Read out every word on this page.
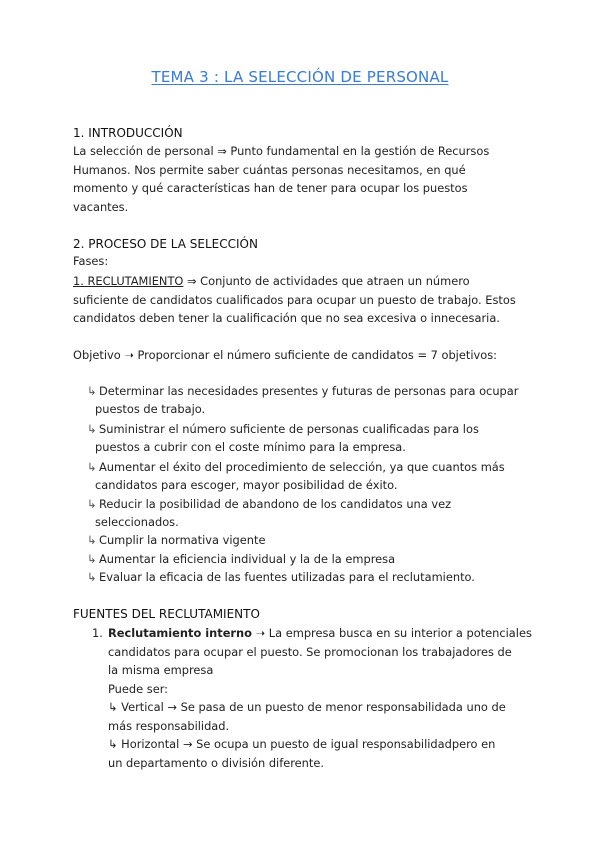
TEMA 3 : LA SELECCIÓN DE PERSONAL
1. INTRODUCCIÓN
La selección de personal ⇒ Punto fundamental en la gestión de Recursos
Humanos. Nos permite saber cuántas personas necesitamos, en qué
momento y qué características han de tener para ocupar los puestos
vacantes.
2. PROCESO DE LA SELECCIÓN
Fases:
1. RECLUTAMIENTO ⇒ Conjunto de actividades que atraen un número
suficiente de candidatos cualificados para ocupar un puesto de trabajo. Estos
candidatos deben tener la cualificación que no sea excesiva o innecesaria.
Objetivo ➝ Proporcionar el número suficiente de candidatos = 7 objetivos:
↳ Determinar las necesidades presentes y futuras de personas para ocupar
puestos de trabajo.
↳ Suministrar el número suficiente de personas cualificadas para los
puestos a cubrir con el coste mínimo para la empresa.
↳ Aumentar el éxito del procedimiento de selección, ya que cuantos más
candidatos para escoger, mayor posibilidad de éxito.
↳ Reducir la posibilidad de abandono de los candidatos una vez
seleccionados.
↳ Cumplir la normativa vigente
↳ Aumentar la eficiencia individual y la de la empresa
↳ Evaluar la eficacia de las fuentes utilizadas para el reclutamiento.
FUENTES DEL RECLUTAMIENTO
1. Reclutamiento interno ➝ La empresa busca en su interior a potenciales
candidatos para ocupar el puesto. Se promocionan los trabajadores de
la misma empresa
Puede ser:
↳ Vertical → Se pasa de un puesto de menor responsabilidadа uno de
más responsabilidad.
↳ Horizontal → Se ocupa un puesto de igual responsabilidadpero en
un departamento o división diferente.
